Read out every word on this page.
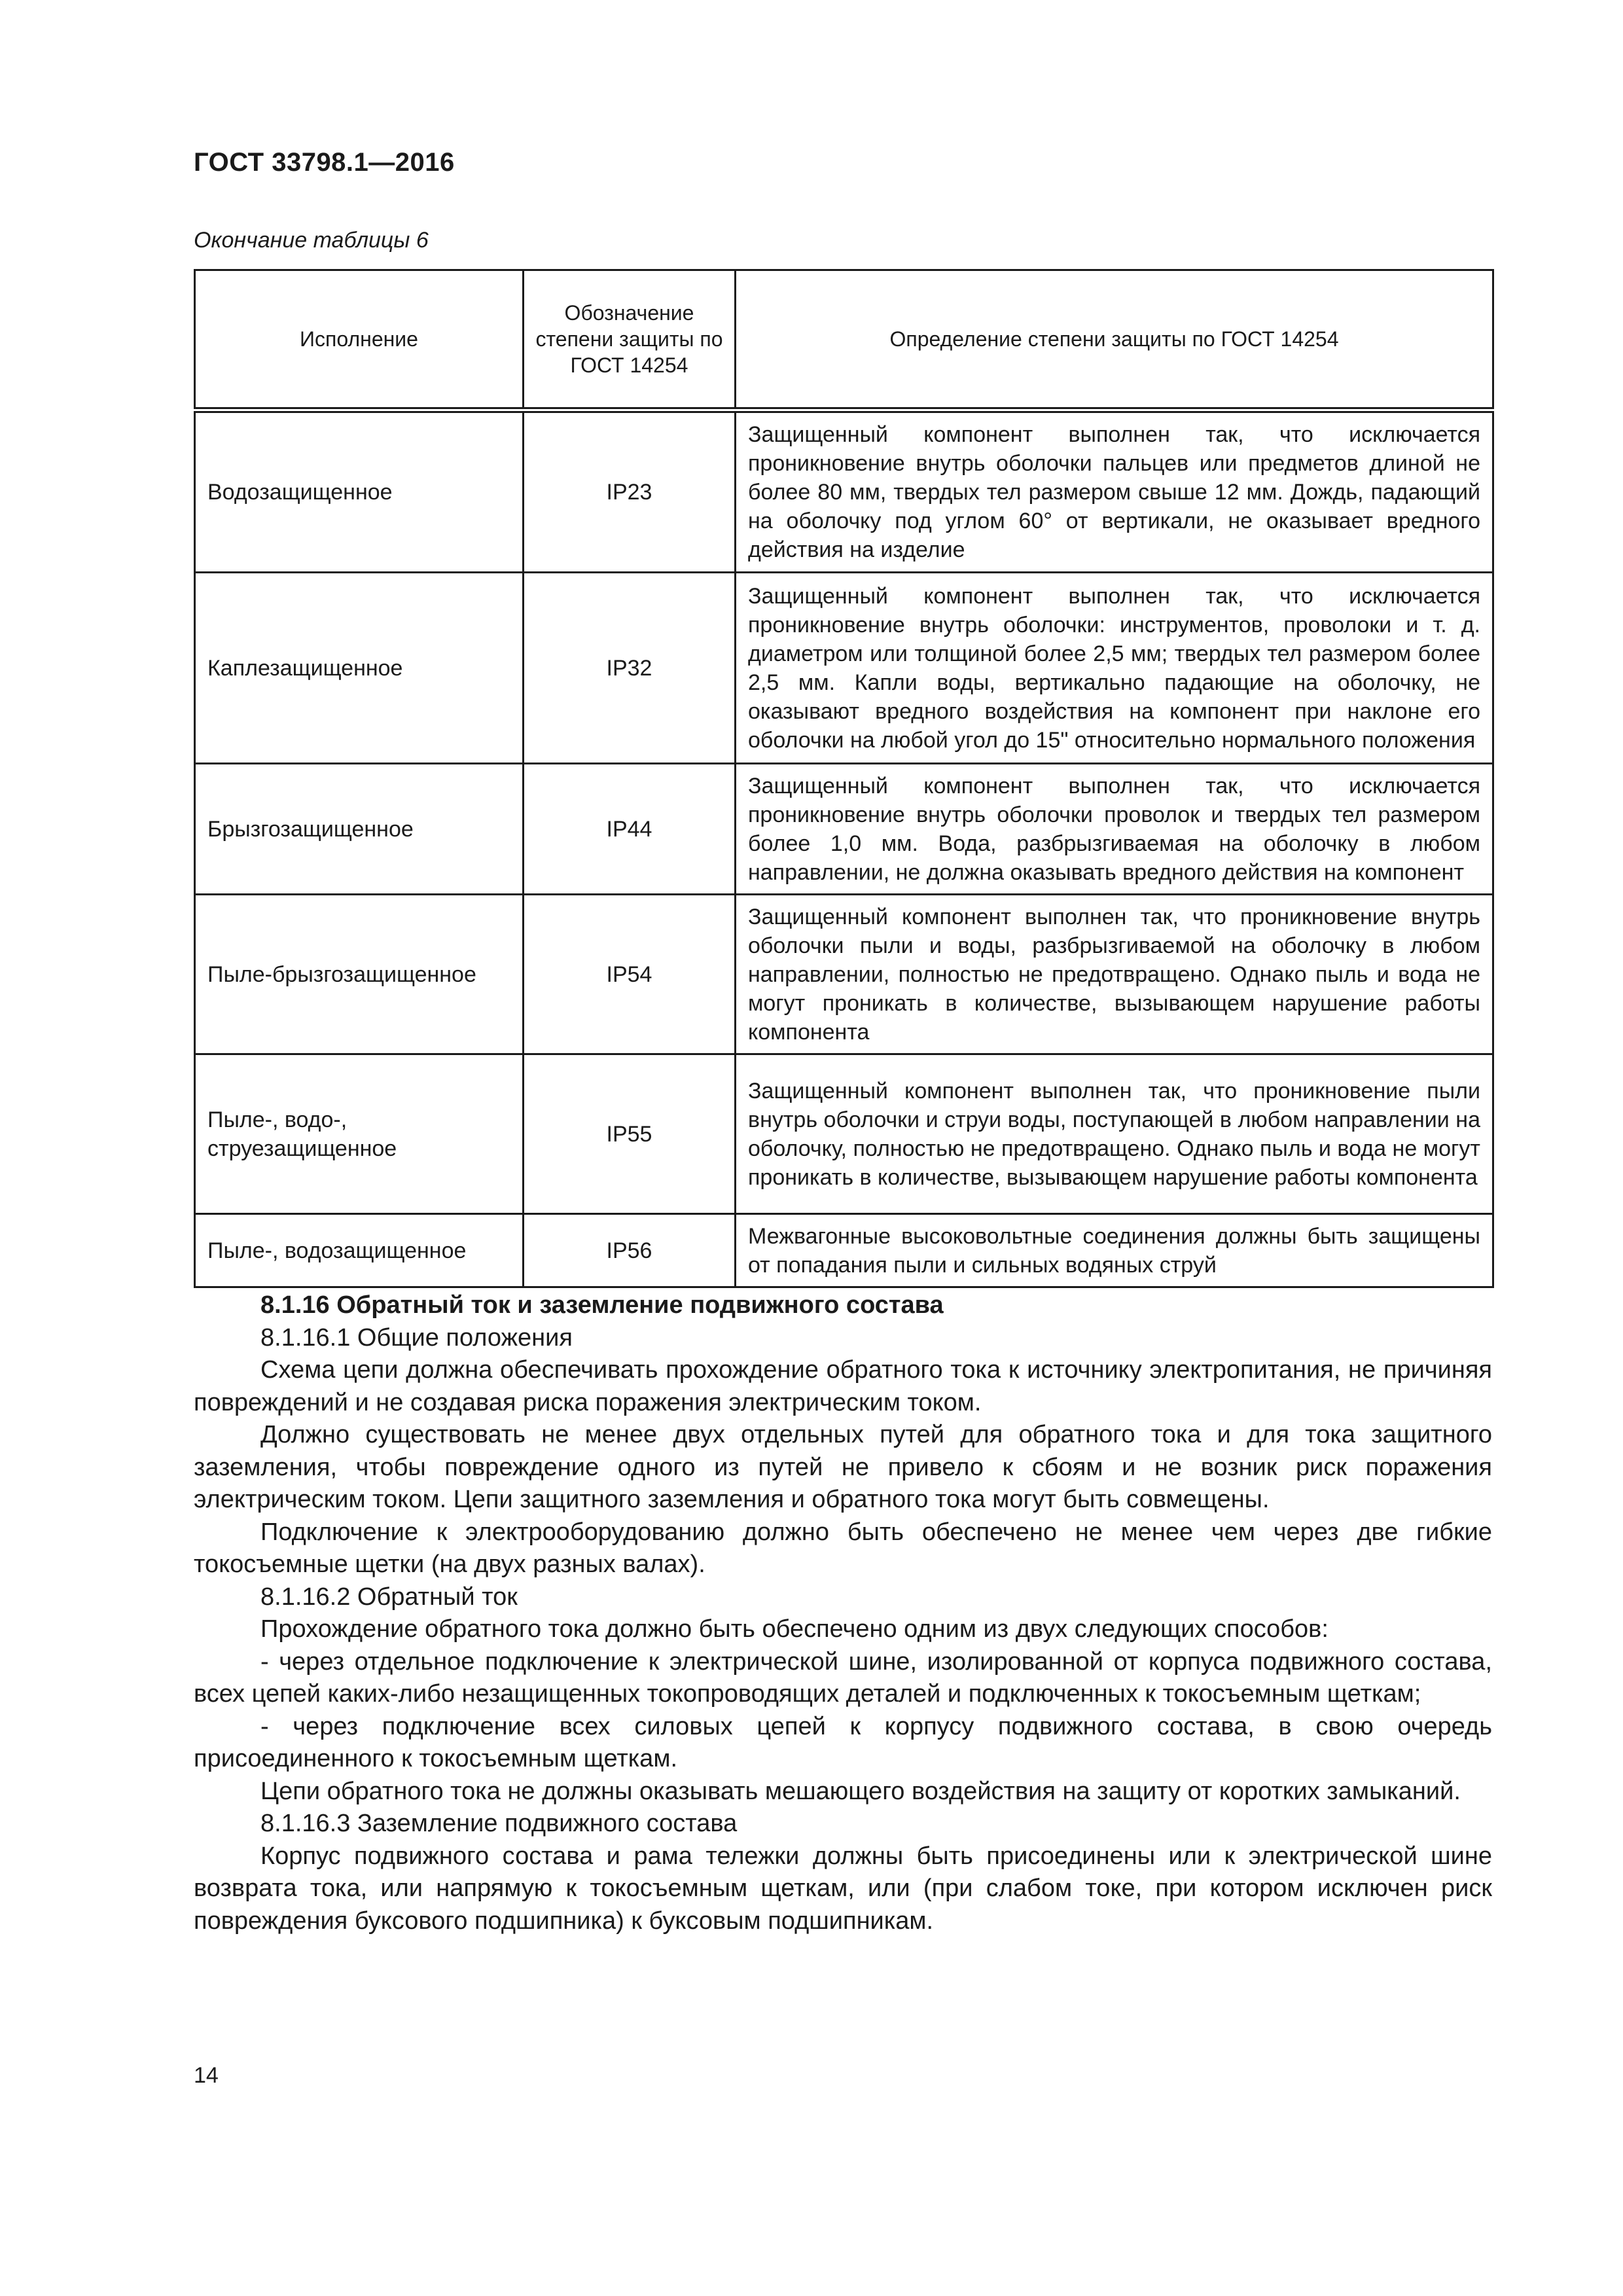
ГОСТ 33798.1—2016
Окончание таблицы 6
Исполнение	Обозначение степени защиты по ГОСТ 14254	Определение степени защиты по ГОСТ 14254
Водозащищенное	IP23	Защищенный компонент выполнен так, что исключается проникновение внутрь оболочки пальцев или предметов длиной не более 80 мм, твердых тел размером свыше 12 мм. Дождь, падающий на оболочку под углом 60° от вертикали, не оказывает вредного действия на изделие
Каплезащищенное	IP32	Защищенный компонент выполнен так, что исключается проникновение внутрь оболочки: инструментов, проволоки и т. д. диаметром или толщиной более 2,5 мм; твердых тел размером более 2,5 мм. Капли воды, вертикально падающие на оболочку, не оказывают вредного воздействия на компонент при наклоне его оболочки на любой угол до 15" относительно нормального положения
Брызгозащищенное	IP44	Защищенный компонент выполнен так, что исключается проникновение внутрь оболочки проволок и твердых тел размером более 1,0 мм. Вода, разбрызгиваемая на оболочку в любом направлении, не должна оказывать вредного действия на компонент
Пыле-брызгозащищенное	IP54	Защищенный компонент выполнен так, что проникновение внутрь оболочки пыли и воды, разбрызгиваемой на оболочку в любом направлении, полностью не предотвращено. Однако пыль и вода не могут проникать в количестве, вызывающем нарушение работы компонента
Пыле-, водо-, струезащищенное	IP55	Защищенный компонент выполнен так, что проникновение пыли внутрь оболочки и струи воды, поступающей в любом направлении на оболочку, полностью не предотвращено. Однако пыль и вода не могут проникать в количестве, вызывающем нарушение работы компонента
Пыле-, водозащищенное	IP56	Межвагонные высоковольтные соединения должны быть защищены от попадания пыли и сильных водяных струй

8.1.16 Обратный ток и заземление подвижного состава

8.1.16.1 Общие положения

Схема цепи должна обеспечивать прохождение обратного тока к источнику электропитания, не причиняя повреждений и не создавая риска поражения электрическим током.

Должно существовать не менее двух отдельных путей для обратного тока и для тока защитного заземления, чтобы повреждение одного из путей не привело к сбоям и не возник риск поражения электрическим током. Цепи защитного заземления и обратного тока могут быть совмещены.

Подключение к электрооборудованию должно быть обеспечено не менее чем через две гибкие токосъемные щетки (на двух разных валах).

8.1.16.2 Обратный ток

Прохождение обратного тока должно быть обеспечено одним из двух следующих способов:

- через отдельное подключение к электрической шине, изолированной от корпуса подвижного состава, всех цепей каких-либо незащищенных токопроводящих деталей и подключенных к токосъемным щеткам;

- через подключение всех силовых цепей к корпусу подвижного состава, в свою очередь присоединенного к токосъемным щеткам.

Цепи обратного тока не должны оказывать мешающего воздействия на защиту от коротких замыканий.

8.1.16.3 Заземление подвижного состава

Корпус подвижного состава и рама тележки должны быть присоединены или к электрической шине возврата тока, или напрямую к токосъемным щеткам, или (при слабом токе, при котором исключен риск повреждения буксового подшипника) к буксовым подшипникам.

14
